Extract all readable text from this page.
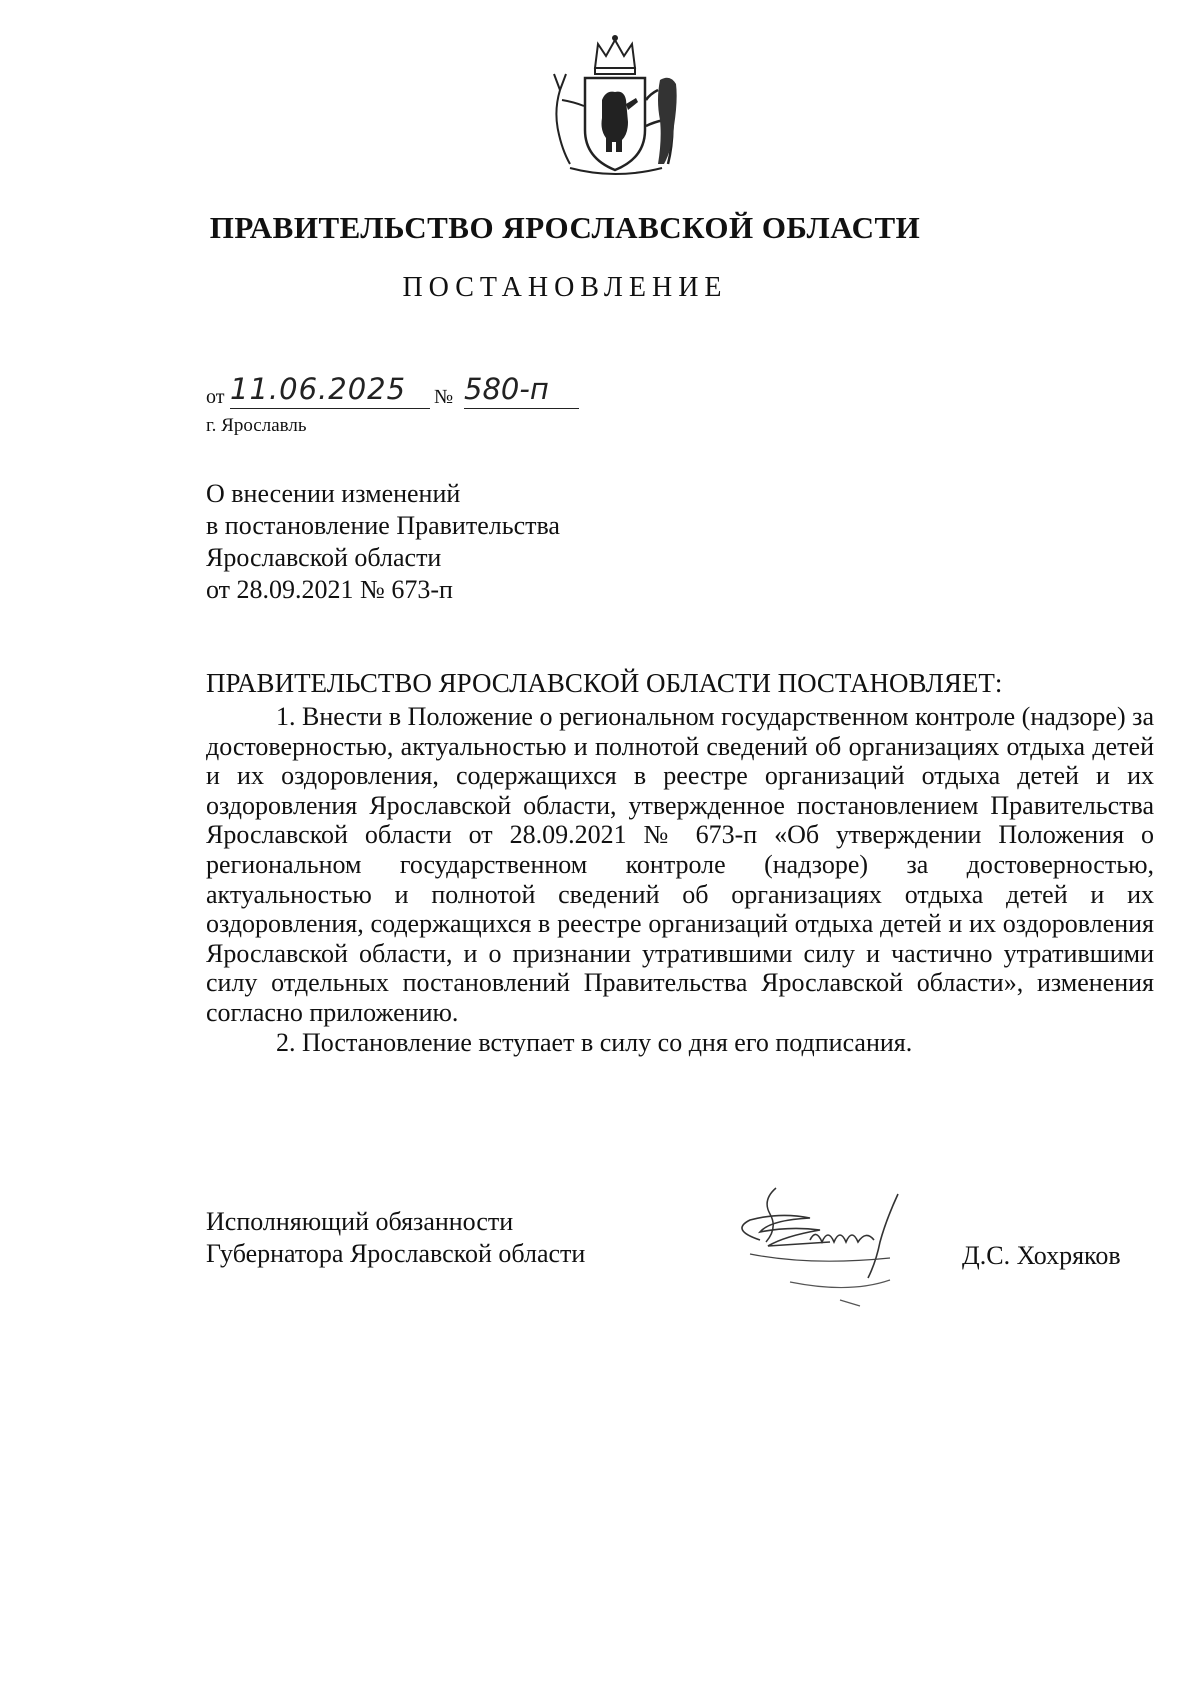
ПРАВИТЕЛЬСТВО ЯРОСЛАВСКОЙ ОБЛАСТИ
ПОСТАНОВЛЕНИЕ
от 11.06.2025	№ 580-п
г. Ярославль
О внесении изменений
в постановление Правительства
Ярославской области
от 28.09.2021 № 673-п
ПРАВИТЕЛЬСТВО ЯРОСЛАВСКОЙ ОБЛАСТИ ПОСТАНОВЛЯЕТ:

1. Внести в Положение о региональном государственном контроле (надзоре) за достоверностью, актуальностью и полнотой сведений об организациях отдыха детей и их оздоровления, содержащихся в реестре организаций отдыха детей и их оздоровления Ярославской области, утвержденное постановлением Правительства Ярославской области от 28.09.2021 № 673-п «Об утверждении Положения о региональном государственном контроле (надзоре) за достоверностью, актуальностью и полнотой сведений об организациях отдыха детей и их оздоровления, содержащихся в реестре организаций отдыха детей и их оздоровления Ярославской области, и о признании утратившими силу и частично утратившими силу отдельных постановлений Правительства Ярославской области», изменения согласно приложению.

2. Постановление вступает в силу со дня его подписания.

Исполняющий обязанности
Губернатора Ярославской области	Д.С. Хохряков
